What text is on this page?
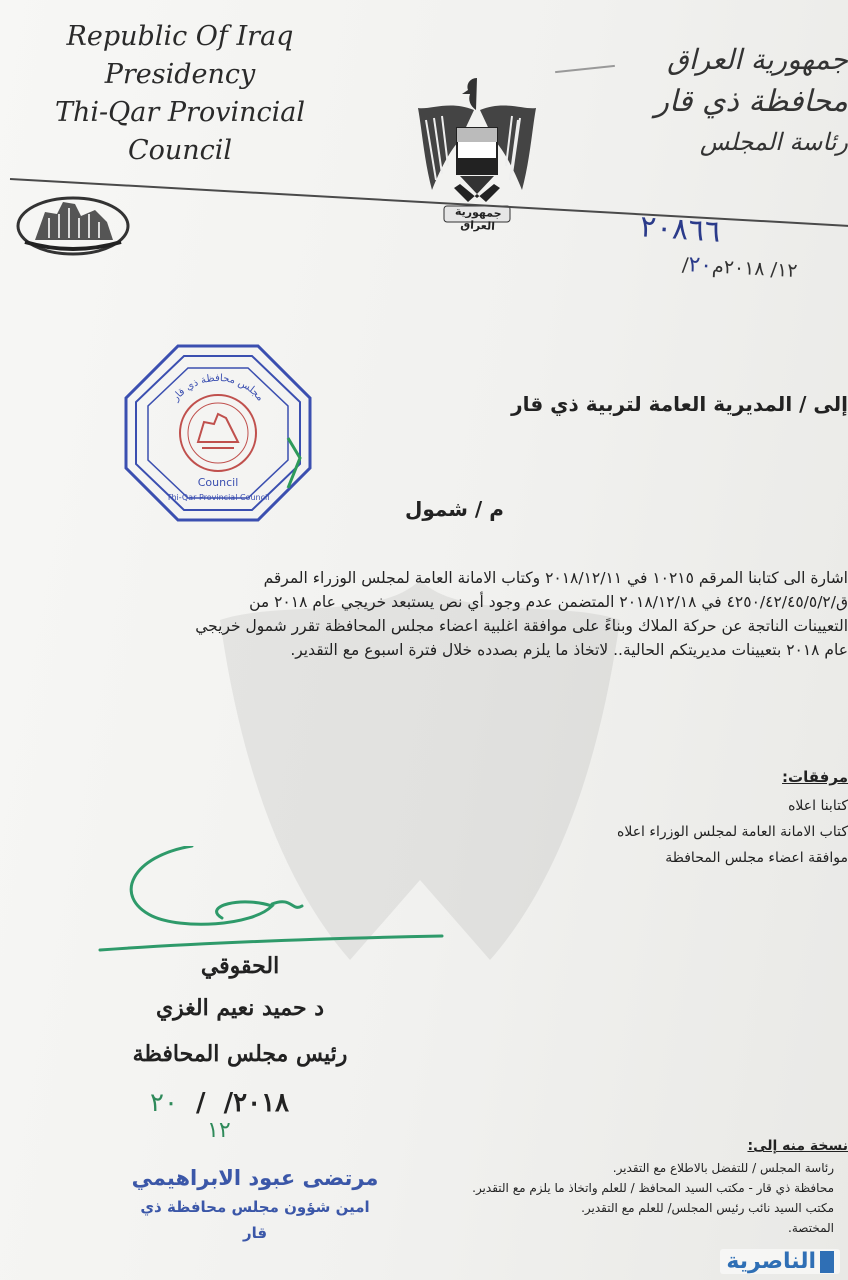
Republic Of Iraq
Presidency
Thi-Qar Provincial
Council
جمهورية العراق
جمهورية العراق
محافظة ذي قار
رئاسة المجلس
٢٠٨٦٦
/١٢/ ٢٠١٨م٢٠
مجلس محافظة ذي قار
Council
Thi-Qar Provincial Council
إلى / المديرية العامة لتربية ذي قار
م / شمول

اشارة الى كتابنا المرقم ١٠٢١٥ في ٢٠١٨/١٢/١١ وكتاب الامانة العامة لمجلس الوزراء المرقم

ق/٤٢٥٠/٤٢/٤٥/٥/٢ في ٢٠١٨/١٢/١٨ المتضمن عدم وجود أي نص يستبعد خريجي عام ٢٠١٨ من

التعيينات الناتجة عن حركة الملاك وبناءً على موافقة اغلبية اعضاء مجلس المحافظة تقرر شمول خريجي

عام ٢٠١٨ بتعيينات مديريتكم الحالية.. لاتخاذ ما يلزم بصدده خلال فترة اسبوع مع التقدير.

مرفقات:
كتابنا اعلاه
كتاب الامانة العامة لمجلس الوزراء اعلاه
موافقة اعضاء مجلس المحافظة
الحقوقي
د حميد نعيم الغزي
رئيس مجلس المحافظة
٢٠١٨/  /  ٢٠
١٢
مرتضى عبود الابراهيمي
امين شؤون مجلس محافظة ذي قار
نسخة منه إلى:
رئاسة المجلس / للتفضل بالاطلاع مع التقدير.
محافظة ذي قار - مكتب السيد المحافظ / للعلم واتخاذ ما يلزم مع التقدير.
مكتب السيد نائب رئيس المجلس/ للعلم مع التقدير.
المختصة.
الناصرية
